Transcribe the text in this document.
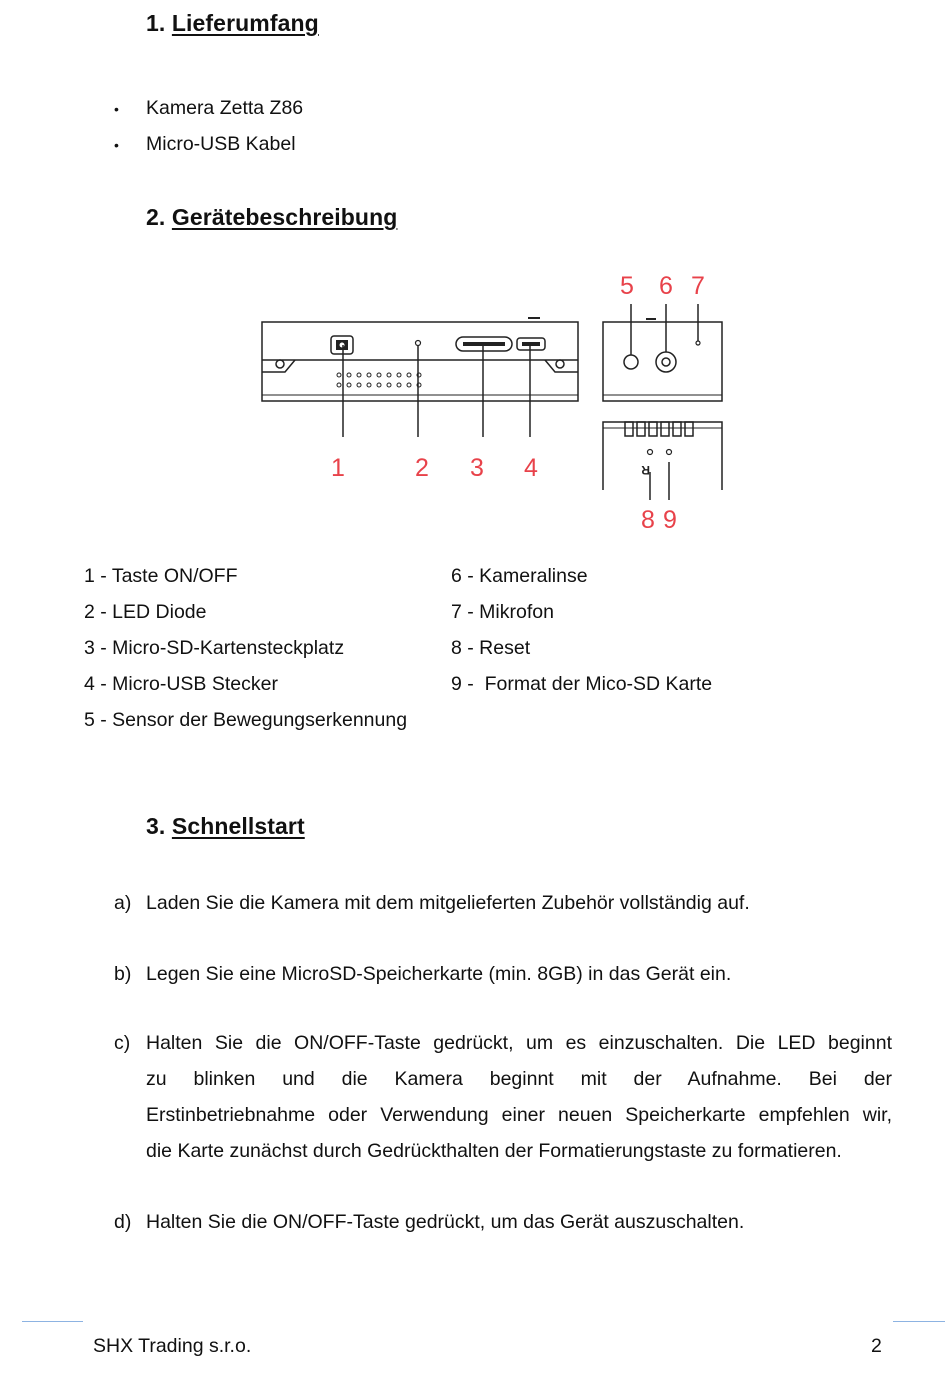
1. Lieferumfang
• Kamera Zetta Z86
• Micro-USB Kabel
2. Gerätebeschreibung
R
1	2 3 4
5 6 7
8 9
1 - Taste ON/OFF
2 - LED Diode
3 - Micro-SD-Kartensteckplatz
4 - Micro-USB Stecker
5 - Sensor der Bewegungserkennung
6 - Kameralinse
7 - Mikrofon
8 - Reset
9 -  Format der Mico-SD Karte
3. Schnellstart
a) Laden Sie die Kamera mit dem mitgelieferten Zubehör vollständig auf.
b) Legen Sie eine MicroSD-Speicherkarte (min. 8GB) in das Gerät ein.
c) Halten Sie die ON/OFF-Taste gedrückt, um es einzuschalten. Die LED beginnt
zu blinken und die Kamera beginnt mit der Aufnahme. Bei der
Erstinbetriebnahme oder Verwendung einer neuen Speicherkarte empfehlen wir,
die Karte zunächst durch Gedrückthalten der Formatierungstaste zu formatieren.
d) Halten Sie die ON/OFF-Taste gedrückt, um das Gerät auszuschalten.
SHX Trading s.r.o.	2
